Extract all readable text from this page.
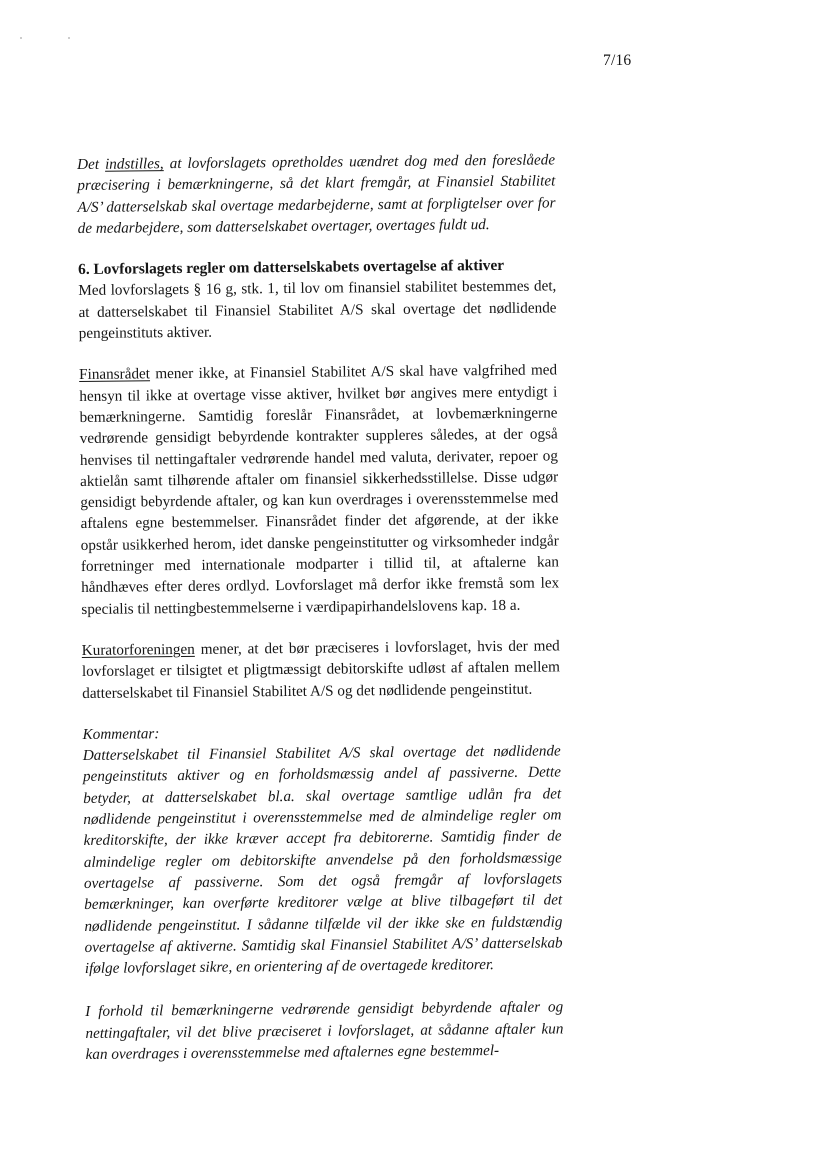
7/16

Det indstilles, at lovforslagets opretholdes uændret dog med den foreslåede præcisering i bemærkningerne, så det klart fremgår, at Finansiel Stabilitet A/S’ datterselskab skal overtage medarbejderne, samt at forpligtelser over for de medarbejdere, som datterselskabet overtager, overtages fuldt ud.

6. Lovforslagets regler om datterselskabets overtagelse af aktiver

Med lovforslagets § 16 g, stk. 1, til lov om finansiel stabilitet bestemmes det, at datterselskabet til Finansiel Stabilitet A/S skal overtage det nødlidende pengeinstituts aktiver.

Finansrådet mener ikke, at Finansiel Stabilitet A/S skal have valgfrihed med hensyn til ikke at overtage visse aktiver, hvilket bør angives mere entydigt i bemærkningerne. Samtidig foreslår Finansrådet, at lovbemærkningerne vedrørende gensidigt bebyrdende kontrakter suppleres således, at der også henvises til nettingaftaler vedrørende handel med valuta, derivater, repoer og aktielån samt tilhørende aftaler om finansiel sikkerhedsstillelse. Disse udgør gensidigt bebyrdende aftaler, og kan kun overdrages i overensstemmelse med aftalens egne bestemmelser. Finansrådet finder det afgørende, at der ikke opstår usikkerhed herom, idet danske pengeinstitutter og virksomheder indgår forretninger med internationale modparter i tillid til, at aftalerne kan håndhæves efter deres ordlyd. Lovforslaget må derfor ikke fremstå som lex specialis til nettingbestemmelserne i værdipapirhandelslovens kap. 18 a.

Kuratorforeningen mener, at det bør præciseres i lovforslaget, hvis der med lovforslaget er tilsigtet et pligtmæssigt debitorskifte udløst af aftalen mellem datterselskabet til Finansiel Stabilitet A/S og det nødlidende pengeinstitut.

Kommentar:

Datterselskabet til Finansiel Stabilitet A/S skal overtage det nødlidende pengeinstituts aktiver og en forholdsmæssig andel af passiverne. Dette betyder, at datterselskabet bl.a. skal overtage samtlige udlån fra det nødlidende pengeinstitut i overensstemmelse med de almindelige regler om kreditorskifte, der ikke kræver accept fra debitorerne. Samtidig finder de almindelige regler om debitorskifte anvendelse på den forholdsmæssige overtagelse af passiverne. Som det også fremgår af lovforslagets bemærkninger, kan overførte kreditorer vælge at blive tilbageført til det nødlidende pengeinstitut. I sådanne tilfælde vil der ikke ske en fuldstændig overtagelse af aktiverne. Samtidig skal Finansiel Stabilitet A/S’ datterselskab ifølge lovforslaget sikre, en orientering af de overtagede kreditorer.

I forhold til bemærkningerne vedrørende gensidigt bebyrdende aftaler og nettingaftaler, vil det blive præciseret i lovforslaget, at sådanne aftaler kun kan overdrages i overensstemmelse med aftalernes egne bestemmel-
